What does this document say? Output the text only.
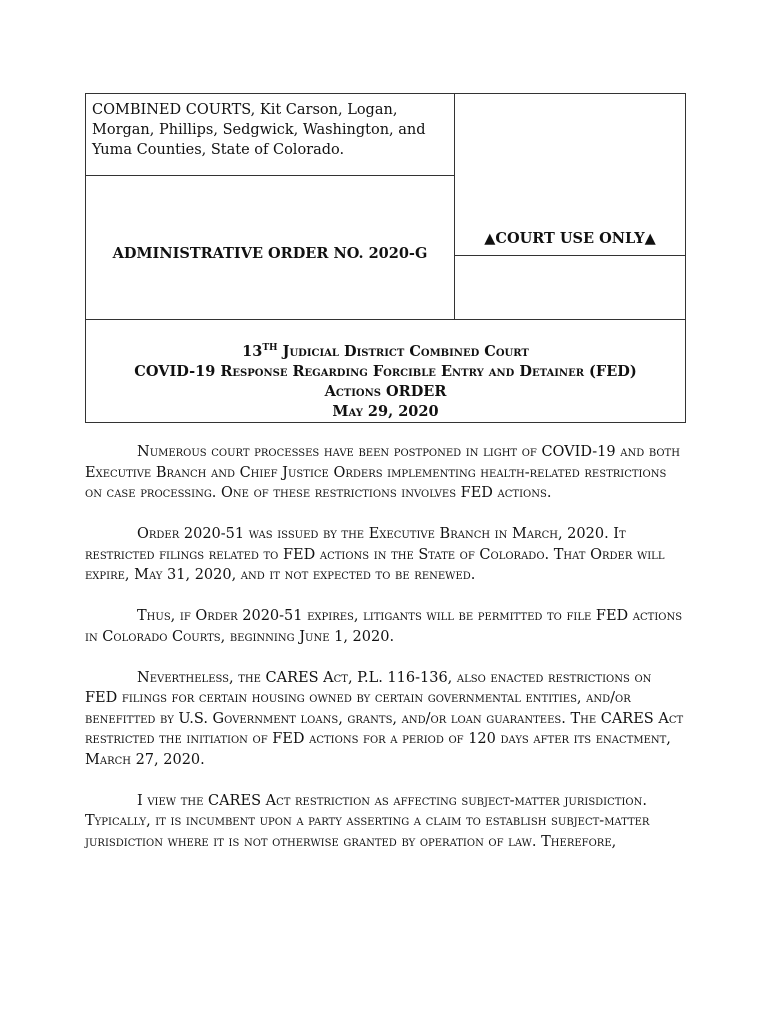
COMBINED COURTS, Kit Carson, Logan, Morgan, Phillips, Sedgwick, Washington, and Yuma Counties, State of Colorado.
ADMINISTRATIVE ORDER NO. 2020-G
▲COURT USE ONLY▲
13TH Judicial District Combined Court
COVID-19 Response Regarding Forcible Entry and Detainer (FED)
Actions ORDER
May 29, 2020

Numerous court processes have been postponed in light of COVID-19 and both Executive Branch and Chief Justice Orders implementing health-related restrictions on case processing. One of these restrictions involves FED actions.

Order 2020-51 was issued by the Executive Branch in March, 2020. It restricted filings related to FED actions in the State of Colorado. That Order will expire, May 31, 2020, and it not expected to be renewed.

Thus, if Order 2020-51 expires, litigants will be permitted to file FED actions in Colorado Courts, beginning June 1, 2020.

Nevertheless, the CARES Act, P.L. 116-136, also enacted restrictions on FED filings for certain housing owned by certain governmental entities, and/or benefitted by U.S. Government loans, grants, and/or loan guarantees. The CARES Act restricted the initiation of FED actions for a period of 120 days after its enactment, March 27, 2020.

I view the CARES Act restriction as affecting subject-matter jurisdiction. Typically, it is incumbent upon a party asserting a claim to establish subject-matter jurisdiction where it is not otherwise granted by operation of law. Therefore,
